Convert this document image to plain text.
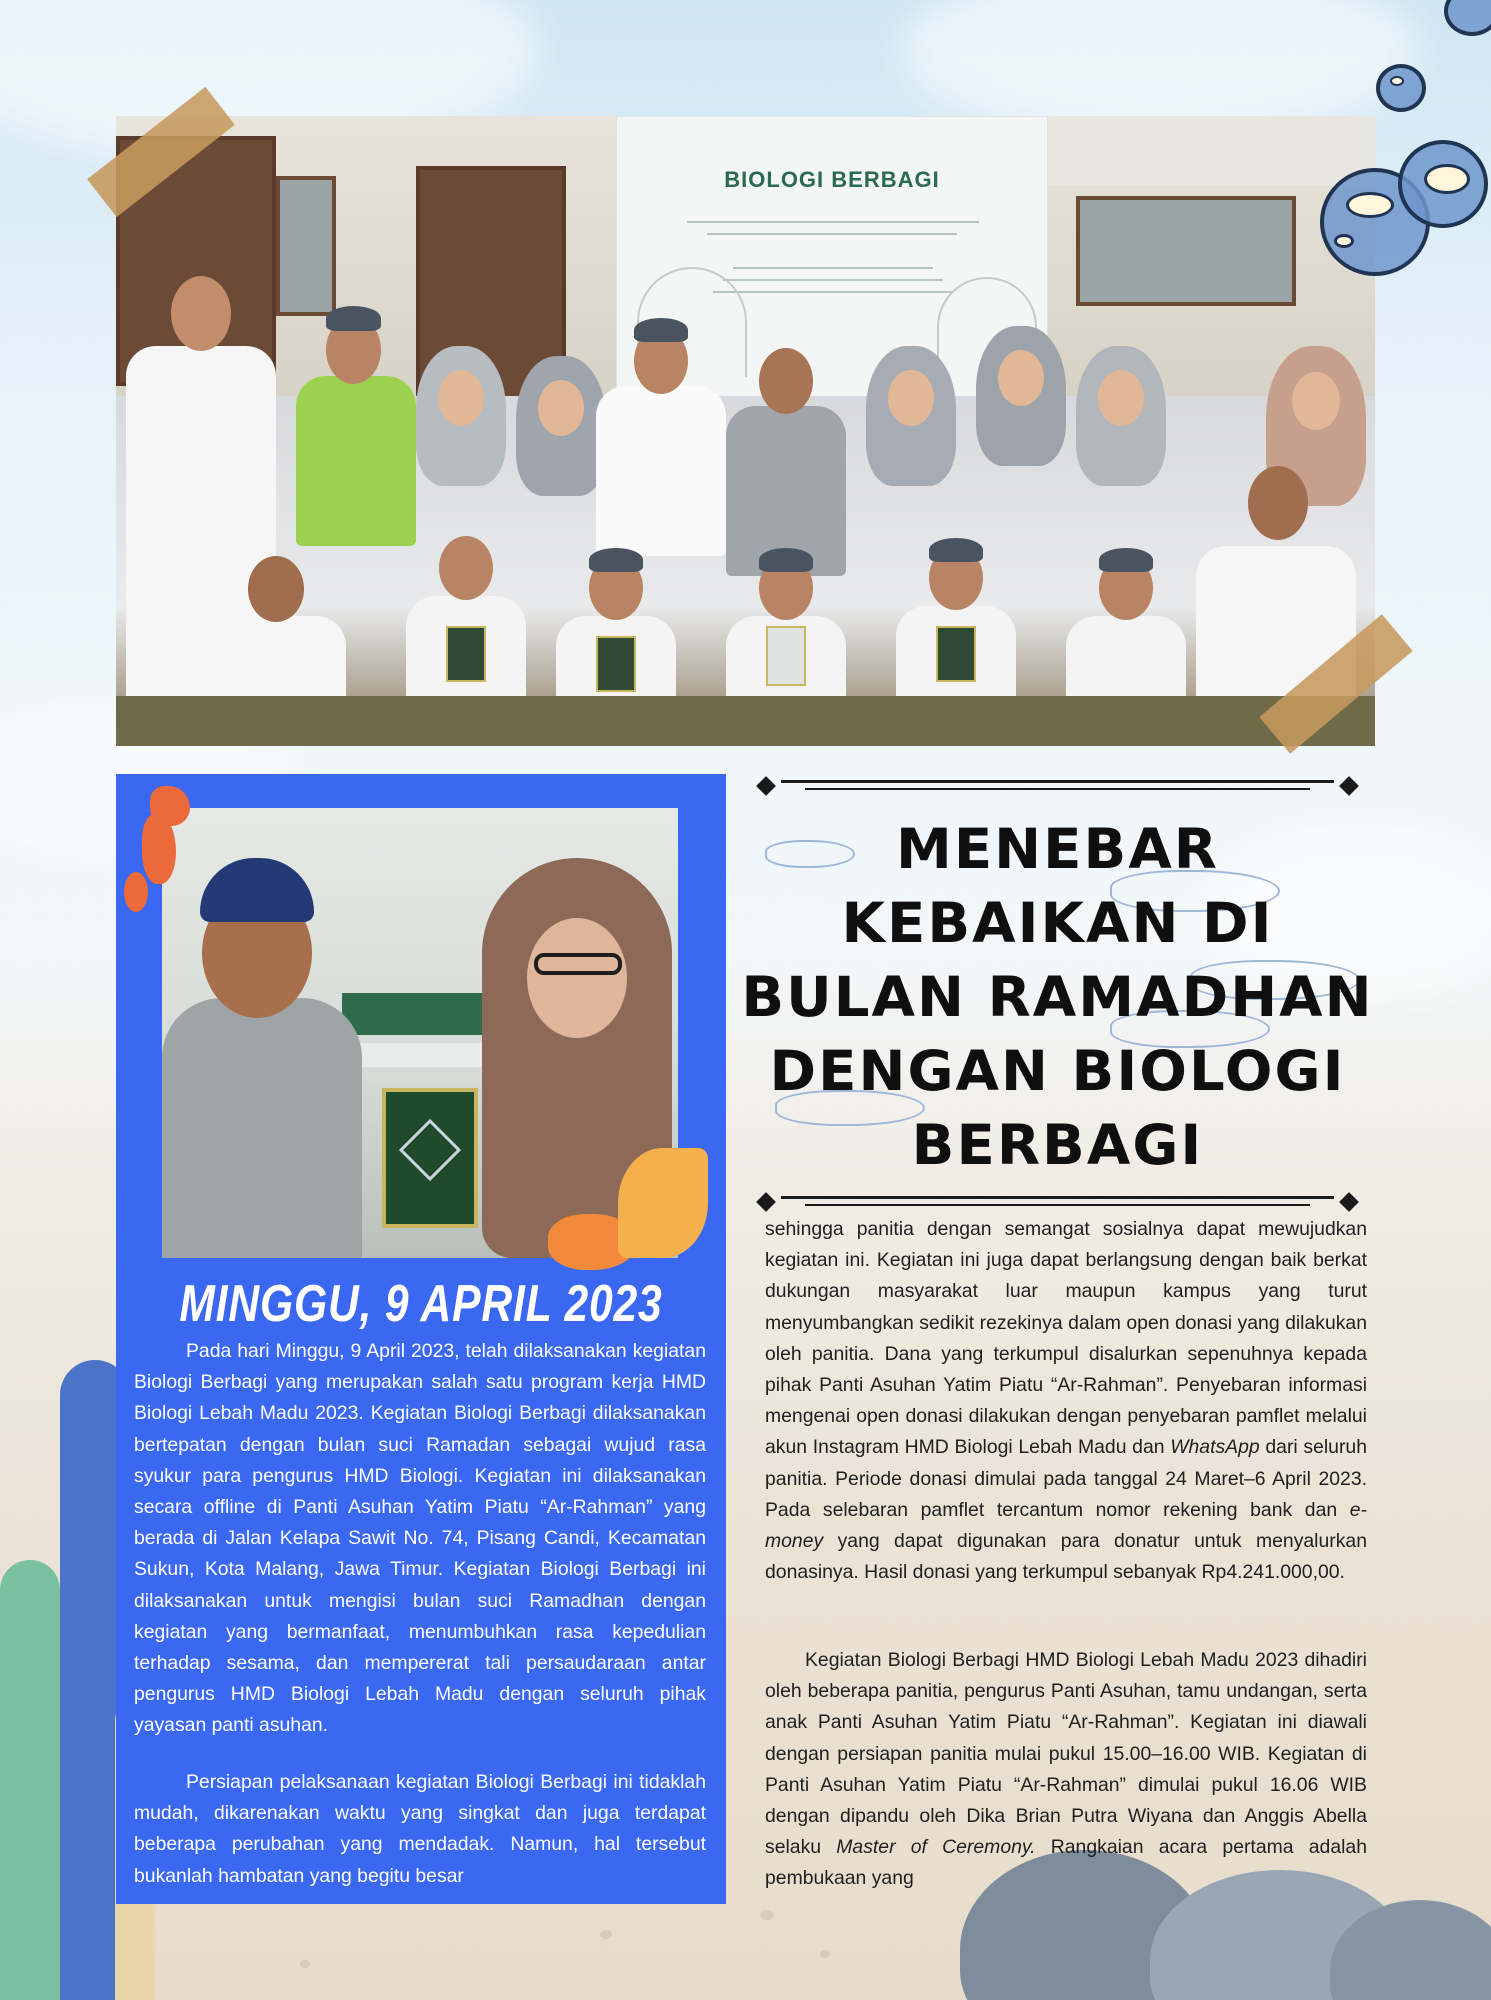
BIOLOGI BERBAGI
MINGGU, 9 APRIL 2023

Pada hari Minggu, 9 April 2023, telah dilaksanakan kegiatan Biologi Berbagi yang merupakan salah satu program kerja HMD Biologi Lebah Madu 2023. Kegiatan Biologi Berbagi dilaksanakan bertepatan dengan bulan suci Ramadan sebagai wujud rasa syukur para pengurus HMD Biologi. Kegiatan ini dilaksanakan secara offline di Panti Asuhan Yatim Piatu “Ar-Rahman” yang berada di Jalan Kelapa Sawit No. 74, Pisang Candi, Kecamatan Sukun, Kota Malang, Jawa Timur. Kegiatan Biologi Berbagi ini dilaksanakan untuk mengisi bulan suci Ramadhan dengan kegiatan yang bermanfaat, menumbuhkan rasa kepedulian terhadap sesama, dan mempererat tali persaudaraan antar pengurus HMD Biologi Lebah Madu dengan seluruh pihak yayasan panti asuhan.

Persiapan pelaksanaan kegiatan Biologi Berbagi ini tidaklah mudah, dikarenakan waktu yang singkat dan juga terdapat beberapa perubahan yang mendadak. Namun, hal tersebut bukanlah hambatan yang begitu besar

MENEBAR
KEBAIKAN DI
BULAN RAMADHAN
DENGAN BIOLOGI
BERBAGI

sehingga panitia dengan semangat sosialnya dapat mewujudkan kegiatan ini. Kegiatan ini juga dapat berlangsung dengan baik berkat dukungan masyarakat luar maupun kampus yang turut menyumbangkan sedikit rezekinya dalam open donasi yang dilakukan oleh panitia. Dana yang terkumpul disalurkan sepenuhnya kepada pihak Panti Asuhan Yatim Piatu “Ar-Rahman”. Penyebaran informasi mengenai open donasi dilakukan dengan penyebaran pamflet melalui akun Instagram HMD Biologi Lebah Madu dan WhatsApp dari seluruh panitia. Periode donasi dimulai pada tanggal 24 Maret–6 April 2023. Pada selebaran pamflet tercantum nomor rekening bank dan e-money yang dapat digunakan para donatur untuk menyalurkan donasinya. Hasil donasi yang terkumpul sebanyak Rp4.241.000,00.

Kegiatan Biologi Berbagi HMD Biologi Lebah Madu 2023 dihadiri oleh beberapa panitia, pengurus Panti Asuhan, tamu undangan, serta anak Panti Asuhan Yatim Piatu “Ar-Rahman”. Kegiatan ini diawali dengan persiapan panitia mulai pukul 15.00–16.00 WIB. Kegiatan di Panti Asuhan Yatim Piatu “Ar-Rahman” dimulai pukul 16.06 WIB dengan dipandu oleh Dika Brian Putra Wiyana dan Anggis Abella selaku Master of Ceremony. Rangkaian acara pertama adalah pembukaan yang
